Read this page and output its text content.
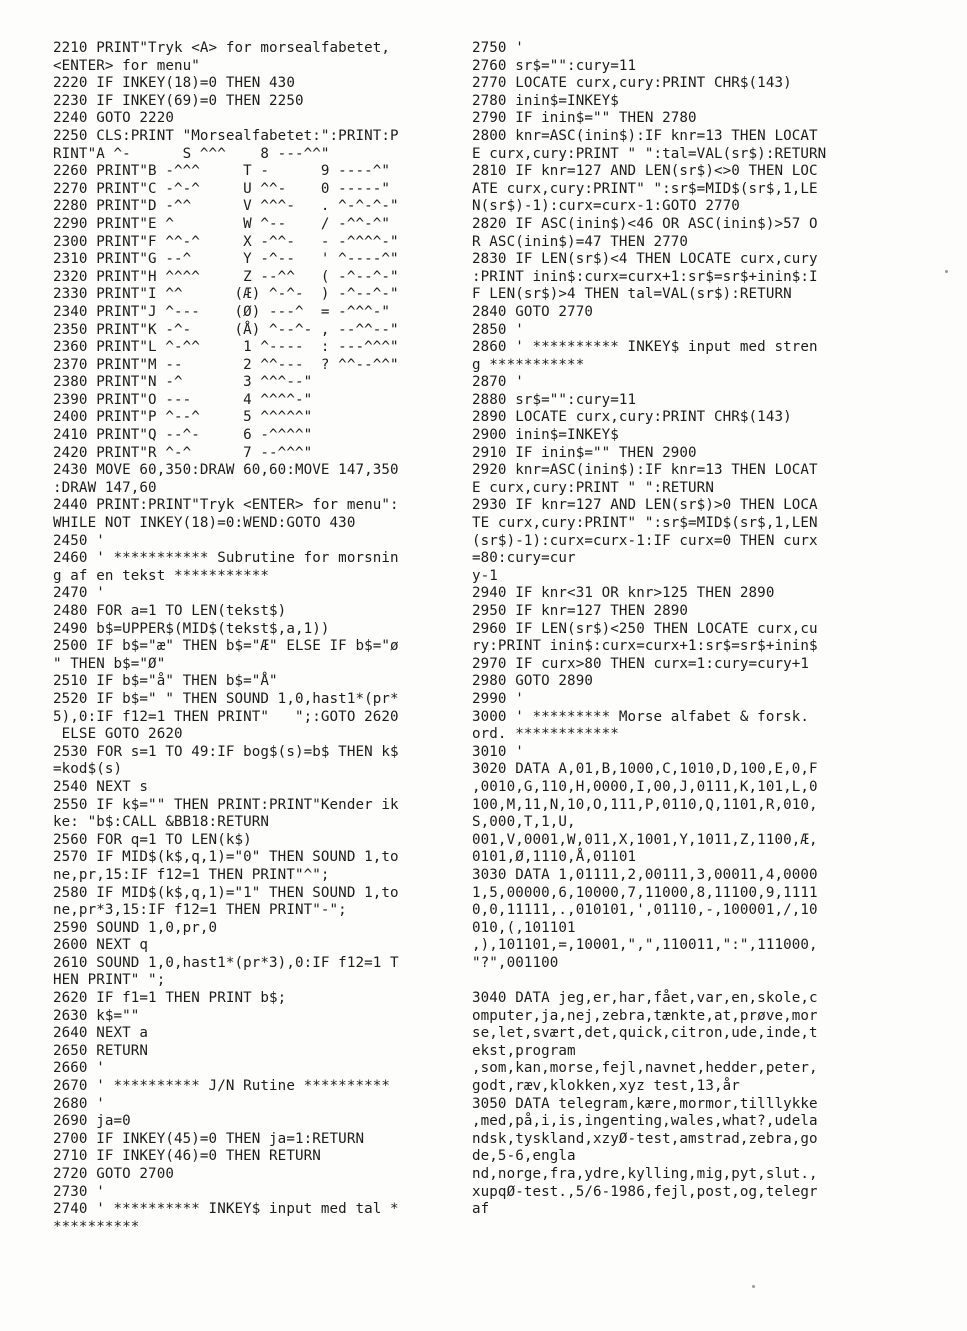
2210 PRINT"Tryk <A> for morsealfabetet,
<ENTER> for menu"
2220 IF INKEY(18)=0 THEN 430
2230 IF INKEY(69)=0 THEN 2250
2240 GOTO 2220
2250 CLS:PRINT "Morsealfabetet:":PRINT:P
RINT"A ^-      S ^^^    8 ---^^"
2260 PRINT"B -^^^     T -      9 ----^"
2270 PRINT"C -^-^     U ^^-    0 -----"
2280 PRINT"D -^^      V ^^^-   . ^-^-^-"
2290 PRINT"E ^        W ^--    / -^^-^"
2300 PRINT"F ^^-^     X -^^-   - -^^^^-"
2310 PRINT"G --^      Y -^--   ' ^----^"
2320 PRINT"H ^^^^     Z --^^   ( -^--^-"
2330 PRINT"I ^^      (Æ) ^-^-  ) -^--^-"
2340 PRINT"J ^---    (Ø) ---^  = -^^^-"
2350 PRINT"K -^-     (Å) ^--^- , --^^--"
2360 PRINT"L ^-^^     1 ^----  : ---^^^"
2370 PRINT"M --       2 ^^---  ? ^^--^^"
2380 PRINT"N -^       3 ^^^--"
2390 PRINT"O ---      4 ^^^^-"
2400 PRINT"P ^--^     5 ^^^^^"
2410 PRINT"Q --^-     6 -^^^^"
2420 PRINT"R ^-^      7 --^^^"
2430 MOVE 60,350:DRAW 60,60:MOVE 147,350
:DRAW 147,60
2440 PRINT:PRINT"Tryk <ENTER> for menu":
WHILE NOT INKEY(18)=0:WEND:GOTO 430
2450 '
2460 ' *********** Subrutine for morsnin
g af en tekst ***********
2470 '
2480 FOR a=1 TO LEN(tekst$)
2490 b$=UPPER$(MID$(tekst$,a,1))
2500 IF b$="æ" THEN b$="Æ" ELSE IF b$="ø
" THEN b$="Ø"
2510 IF b$="å" THEN b$="Å"
2520 IF b$=" " THEN SOUND 1,0,hast1*(pr*
5),0:IF f12=1 THEN PRINT"   ";:GOTO 2620
ELSE GOTO 2620
2530 FOR s=1 TO 49:IF bog$(s)=b$ THEN k$
=kod$(s)
2540 NEXT s
2550 IF k$="" THEN PRINT:PRINT"Kender ik
ke: "b$:CALL &BB18:RETURN
2560 FOR q=1 TO LEN(k$)
2570 IF MID$(k$,q,1)="0" THEN SOUND 1,to
ne,pr,15:IF f12=1 THEN PRINT"^";
2580 IF MID$(k$,q,1)="1" THEN SOUND 1,to
ne,pr*3,15:IF f12=1 THEN PRINT"-";
2590 SOUND 1,0,pr,0
2600 NEXT q
2610 SOUND 1,0,hast1*(pr*3),0:IF f12=1 T
HEN PRINT" ";
2620 IF f1=1 THEN PRINT b$;
2630 k$=""
2640 NEXT a
2650 RETURN
2660 '
2670 ' ********** J/N Rutine **********
2680 '
2690 ja=0
2700 IF INKEY(45)=0 THEN ja=1:RETURN
2710 IF INKEY(46)=0 THEN RETURN
2720 GOTO 2700
2730 '
2740 ' ********** INKEY$ input med tal *
**********
2750 '
2760 sr$="":cury=11
2770 LOCATE curx,cury:PRINT CHR$(143)
2780 inin$=INKEY$
2790 IF inin$="" THEN 2780
2800 knr=ASC(inin$):IF knr=13 THEN LOCAT
E curx,cury:PRINT " ":tal=VAL(sr$):RETURN
2810 IF knr=127 AND LEN(sr$)<>0 THEN LOC
ATE curx,cury:PRINT" ":sr$=MID$(sr$,1,LE
N(sr$)-1):curx=curx-1:GOTO 2770
2820 IF ASC(inin$)<46 OR ASC(inin$)>57 O
R ASC(inin$)=47 THEN 2770
2830 IF LEN(sr$)<4 THEN LOCATE curx,cury
:PRINT inin$:curx=curx+1:sr$=sr$+inin$:I
F LEN(sr$)>4 THEN tal=VAL(sr$):RETURN
2840 GOTO 2770
2850 '
2860 ' ********** INKEY$ input med stren
g ***********
2870 '
2880 sr$="":cury=11
2890 LOCATE curx,cury:PRINT CHR$(143)
2900 inin$=INKEY$
2910 IF inin$="" THEN 2900
2920 knr=ASC(inin$):IF knr=13 THEN LOCAT
E curx,cury:PRINT " ":RETURN
2930 IF knr=127 AND LEN(sr$)>0 THEN LOCA
TE curx,cury:PRINT" ":sr$=MID$(sr$,1,LEN
(sr$)-1):curx=curx-1:IF curx=0 THEN curx
=80:cury=cur
y-1
2940 IF knr<31 OR knr>125 THEN 2890
2950 IF knr=127 THEN 2890
2960 IF LEN(sr$)<250 THEN LOCATE curx,cu
ry:PRINT inin$:curx=curx+1:sr$=sr$+inin$
2970 IF curx>80 THEN curx=1:cury=cury+1
2980 GOTO 2890
2990 '
3000 ' ********* Morse alfabet & forsk.
ord. ************
3010 '
3020 DATA A,01,B,1000,C,1010,D,100,E,0,F
,0010,G,110,H,0000,I,00,J,0111,K,101,L,0
100,M,11,N,10,O,111,P,0110,Q,1101,R,010,
S,000,T,1,U,
001,V,0001,W,011,X,1001,Y,1011,Z,1100,Æ,
0101,Ø,1110,Å,01101
3030 DATA 1,01111,2,00111,3,00011,4,0000
1,5,00000,6,10000,7,11000,8,11100,9,1111
0,0,11111,.,010101,',01110,-,100001,/,10
010,(,101101
,),101101,=,10001,",",110011,":",111000,
"?",001100
3040 DATA jeg,er,har,fået,var,en,skole,c
omputer,ja,nej,zebra,tænkte,at,prøve,mor
se,let,svært,det,quick,citron,ude,inde,t
ekst,program
,som,kan,morse,fejl,navnet,hedder,peter,
godt,ræv,klokken,xyz test,13,år
3050 DATA telegram,kære,mormor,tilllykke
,med,på,i,is,ingenting,wales,what?,udela
ndsk,tyskland,xzyØ-test,amstrad,zebra,go
de,5-6,engla
nd,norge,fra,ydre,kylling,mig,pyt,slut.,
xupqØ-test.,5/6-1986,fejl,post,og,telegr
af
